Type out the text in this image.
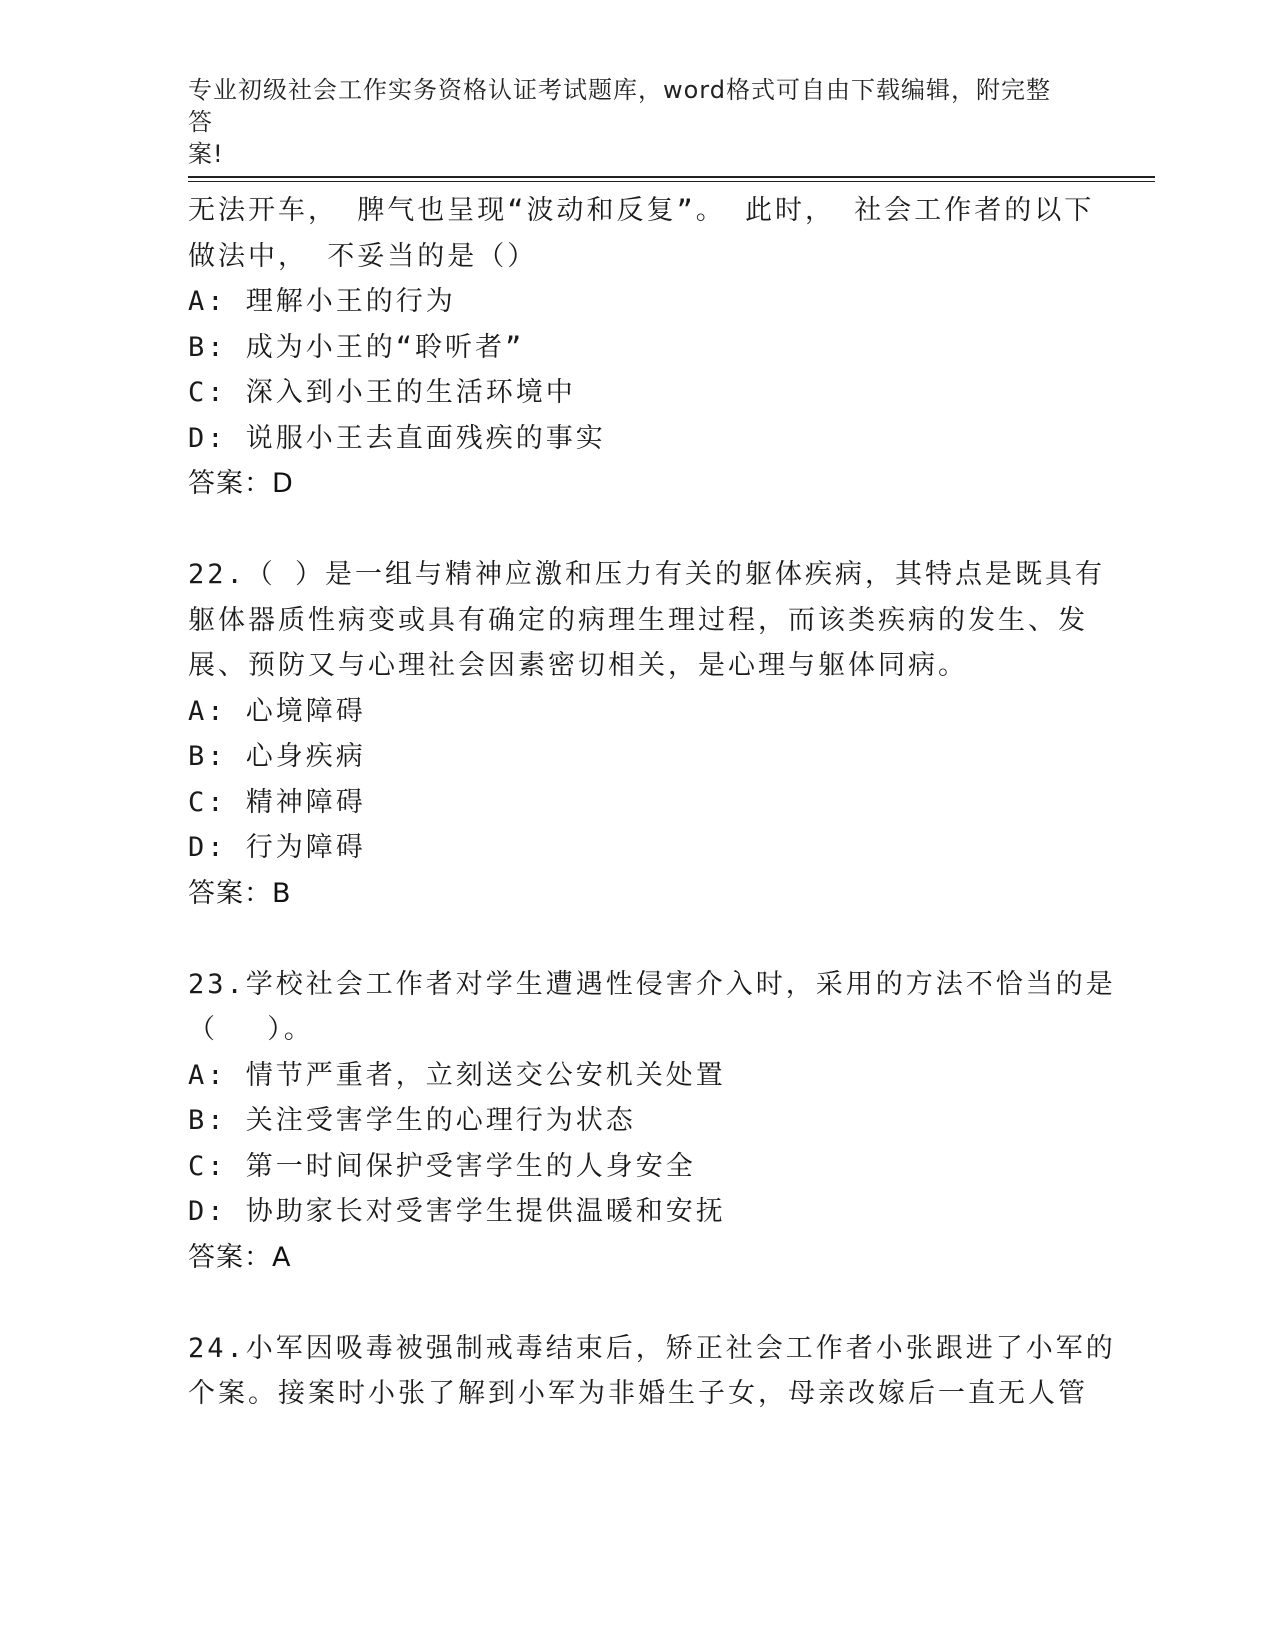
专业初级社会工作实务资格认证考试题库，word格式可自由下载编辑，附完整答
案!
无法开车， 脾气也呈现“波动和反复”。 此时， 社会工作者的以下
做法中， 不妥当的是（）
A: 理解小王的行为
B: 成为小王的“聆听者”
C: 深入到小王的生活环境中
D: 说服小王去直面残疾的事实
答案：D
22.（ ）是一组与精神应激和压力有关的躯体疾病，其特点是既具有
躯体器质性病变或具有确定的病理生理过程，而该类疾病的发生、发
展、预防又与心理社会因素密切相关，是心理与躯体同病。
A: 心境障碍
B: 心身疾病
C: 精神障碍
D: 行为障碍
答案：B
23.学校社会工作者对学生遭遇性侵害介入时，采用的方法不恰当的是
（　 ）。
A: 情节严重者，立刻送交公安机关处置
B: 关注受害学生的心理行为状态
C: 第一时间保护受害学生的人身安全
D: 协助家长对受害学生提供温暖和安抚
答案：A
24.小军因吸毒被强制戒毒结束后，矫正社会工作者小张跟进了小军的
个案。接案时小张了解到小军为非婚生子女，母亲改嫁后一直无人管
